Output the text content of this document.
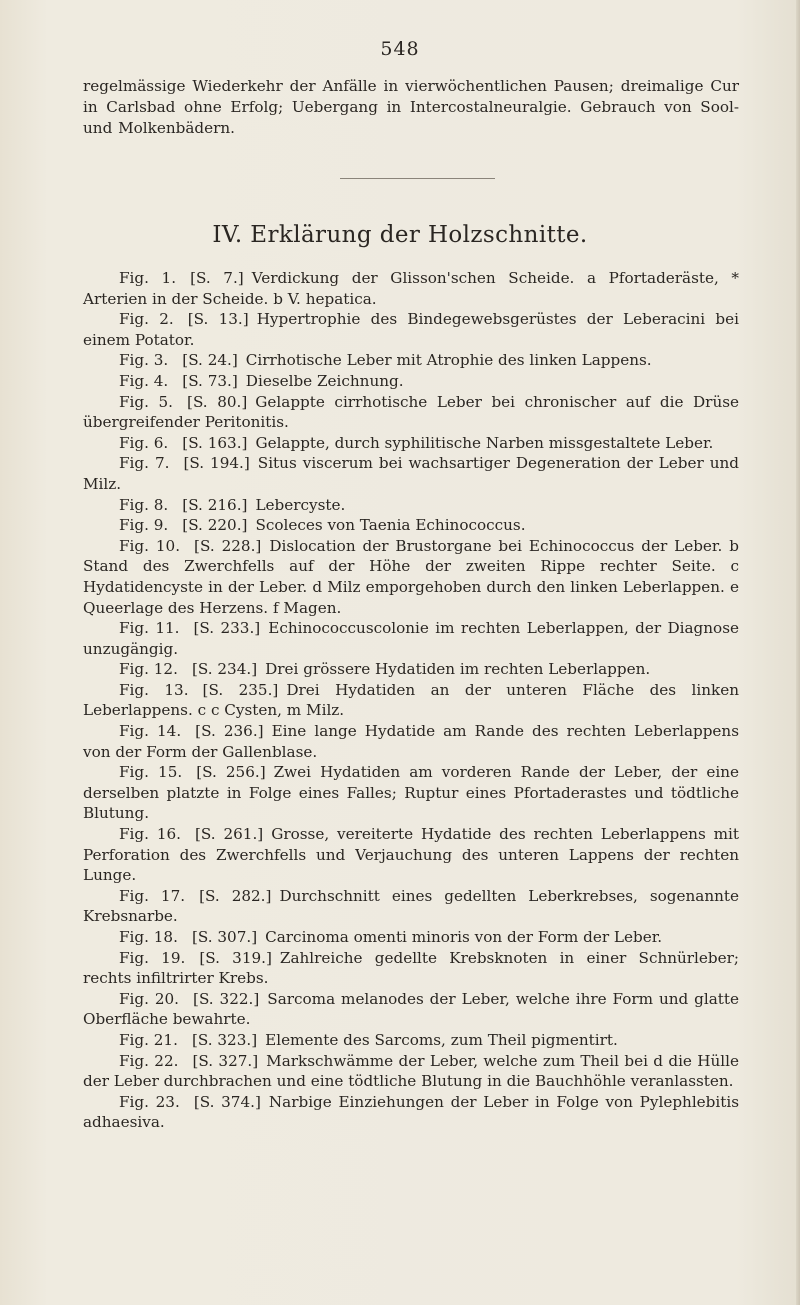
548
regelmässige Wiederkehr der Anfälle in vierwöchentlichen Pausen; dreimalige Cur in Carlsbad ohne Erfolg; Uebergang in Intercostalneuralgie. Gebrauch von Sool- und Molkenbädern.
IV. Erklärung der Holzschnitte.

Fig. 1. [S. 7.] Verdickung der Glisson'schen Scheide. a Pfortaderäste, * Arterien in der Scheide. b V. hepatica.

Fig. 2. [S. 13.] Hypertrophie des Bindegewebsgerüstes der Leberacini bei einem Potator.

Fig. 3. [S. 24.] Cirrhotische Leber mit Atrophie des linken Lappens.

Fig. 4. [S. 73.] Dieselbe Zeichnung.

Fig. 5. [S. 80.] Gelappte cirrhotische Leber bei chronischer auf die Drüse übergreifender Peritonitis.

Fig. 6. [S. 163.] Gelappte, durch syphilitische Narben missgestaltete Leber.

Fig. 7. [S. 194.] Situs viscerum bei wachsartiger Degeneration der Leber und Milz.

Fig. 8. [S. 216.] Lebercyste.

Fig. 9. [S. 220.] Scoleces von Taenia Echinococcus.

Fig. 10. [S. 228.] Dislocation der Brustorgane bei Echinococcus der Leber. b Stand des Zwerchfells auf der Höhe der zweiten Rippe rechter Seite. c Hydatidencyste in der Leber. d Milz emporgehoben durch den linken Leberlappen. e Queerlage des Herzens. f Magen.

Fig. 11. [S. 233.] Echinococcuscolonie im rechten Leberlappen, der Diagnose unzugängig.

Fig. 12. [S. 234.] Drei grössere Hydatiden im rechten Leberlappen.

Fig. 13. [S. 235.] Drei Hydatiden an der unteren Fläche des linken Leberlappens. c c Cysten, m Milz.

Fig. 14. [S. 236.] Eine lange Hydatide am Rande des rechten Leberlappens von der Form der Gallenblase.

Fig. 15. [S. 256.] Zwei Hydatiden am vorderen Rande der Leber, der eine derselben platzte in Folge eines Falles; Ruptur eines Pfortaderastes und tödtliche Blutung.

Fig. 16. [S. 261.] Grosse, vereiterte Hydatide des rechten Leberlappens mit Perforation des Zwerchfells und Verjauchung des unteren Lappens der rechten Lunge.

Fig. 17. [S. 282.] Durchschnitt eines gedellten Leberkrebses, sogenannte Krebsnarbe.

Fig. 18. [S. 307.] Carcinoma omenti minoris von der Form der Leber.

Fig. 19. [S. 319.] Zahlreiche gedellte Krebsknoten in einer Schnürleber; rechts infiltrirter Krebs.

Fig. 20. [S. 322.] Sarcoma melanodes der Leber, welche ihre Form und glatte Oberfläche bewahrte.

Fig. 21. [S. 323.] Elemente des Sarcoms, zum Theil pigmentirt.

Fig. 22. [S. 327.] Markschwämme der Leber, welche zum Theil bei d die Hülle der Leber durchbrachen und eine tödtliche Blutung in die Bauchhöhle veranlassten.

Fig. 23. [S. 374.] Narbige Einziehungen der Leber in Folge von Pylephlebitis adhaesiva.
